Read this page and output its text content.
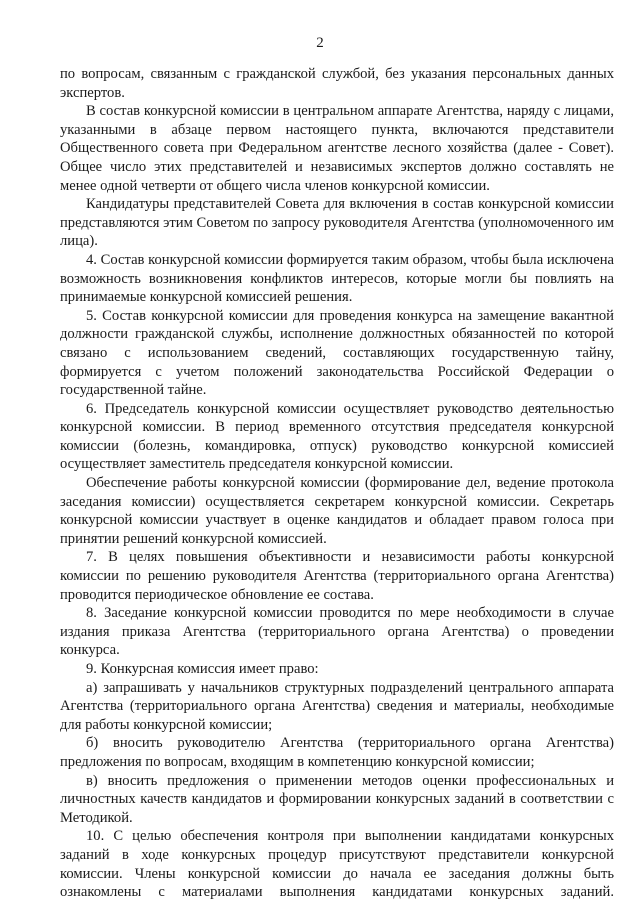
2

по вопросам, связанным с гражданской службой, без указания персональных данных экспертов.

В состав конкурсной комиссии в центральном аппарате Агентства, наряду с лицами, указанными в абзаце первом настоящего пункта, включаются представители Общественного совета при Федеральном агентстве лесного хозяйства (далее - Совет). Общее число этих представителей и независимых экспертов должно составлять не менее одной четверти от общего числа членов конкурсной комиссии.

Кандидатуры представителей Совета для включения в состав конкурсной комиссии представляются этим Советом по запросу руководителя Агентства (уполномоченного им лица).

4. Состав конкурсной комиссии формируется таким образом, чтобы была исключена возможность возникновения конфликтов интересов, которые могли бы повлиять на принимаемые конкурсной комиссией решения.

5. Состав конкурсной комиссии для проведения конкурса на замещение вакантной должности гражданской службы, исполнение должностных обязанностей по которой связано с использованием сведений, составляющих государственную тайну, формируется с учетом положений законодательства Российской Федерации о государственной тайне.

6. Председатель конкурсной комиссии осуществляет руководство деятельностью конкурсной комиссии. В период временного отсутствия председателя конкурсной комиссии (болезнь, командировка, отпуск) руководство конкурсной комиссией осуществляет заместитель председателя конкурсной комиссии.

Обеспечение работы конкурсной комиссии (формирование дел, ведение протокола заседания комиссии) осуществляется секретарем конкурсной комиссии. Секретарь конкурсной комиссии участвует в оценке кандидатов и обладает правом голоса при принятии решений конкурсной комиссией.

7. В целях повышения объективности и независимости работы конкурсной комиссии по решению руководителя Агентства (территориального органа Агентства) проводится периодическое обновление ее состава.

8. Заседание конкурсной комиссии проводится по мере необходимости в случае издания приказа Агентства (территориального органа Агентства) о проведении конкурса.

9. Конкурсная комиссия имеет право:

а) запрашивать у начальников структурных подразделений центрального аппарата Агентства (территориального органа Агентства) сведения и материалы, необходимые для работы конкурсной комиссии;

б) вносить руководителю Агентства (территориального органа Агентства) предложения по вопросам, входящим в компетенцию конкурсной комиссии;

в) вносить предложения о применении методов оценки профессиональных и личностных качеств кандидатов и формировании конкурсных заданий в соответствии с Методикой.

10. С целью обеспечения контроля при выполнении кандидатами конкурсных заданий в ходе конкурсных процедур присутствуют представители конкурсной комиссии. Члены конкурсной комиссии до начала ее заседания должны быть ознакомлены с материалами выполнения кандидатами конкурсных заданий.
